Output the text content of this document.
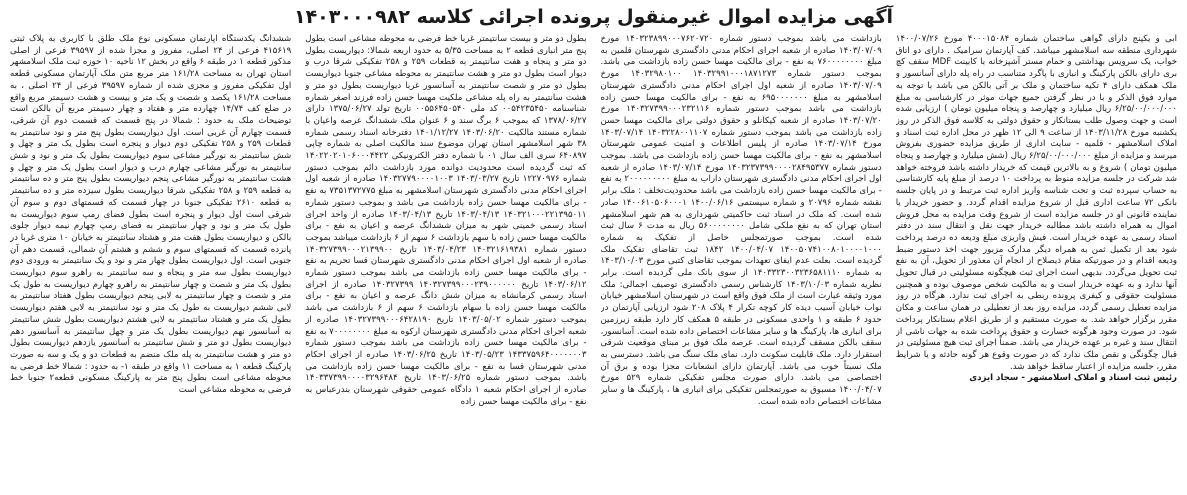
آگهی مزایده اموال غیرمنقول پرونده اجرائی کلاسه ۱۴۰۳۰۰۰۹۸۲

ششدانگ یکدستگاه آپارتمان مسکونی نوع ملک طلق با کاربری به پلاک ثبتی ۴۱۵۶۱۹ فرعی از ۲۴ اصلی، مفروز و مجزا شده از ۳۹۵۹۷ فرعی از اصلی مذکور قطعه ۱ در طبقه ۶ واقع در بخش ۱۲ ناحیه ۱۰ حوزه ثبت ملک اسلامشهر استان تهران به مساحت ۱۶۱/۲۸ متر مربع متن ملک آپارتمان مسکونی قطعه اول تفکیکی مفروز و مجزی شده از شماره ۳۹۵۹۷ فرعی از ۲۴ اصلی ، به مساحت ۱۶۱/۲۸ یکصد و شصت و یک متر و بیست و هشت دسیمتر مربع واقع در ضلع کف ۱۴/۷۴ چهارده متر و هفتاد و چهار دسیمتر مربع آن بالکن است توضیحات ملک به حدود : شمالا در پنج قسمت که قسمت دوم آن شرقی، قسمت چهارم آن غربی است. اول دیواریست بطول پنج متر و نود سانتیمتر به قطعات ۲۵۹ و ۲۵۸ تفکیکی دوم دیوار و پنجره است بطول یک متر و چهل و شش سانتیمتر به نورگیر مشاعی سوم دیواریست بطول یک متر و نود و شش سانتیمتر به نورگیر مشاعی چهارم درب و دیوار است بطول یک متر و چهل و هشت سانتیمتر به نورگیر مشاعی پنجم دیواریست بطول پنج متر و ده سانتیمتر به قطعه ۲۵۹ و ۲۵۸ تفکیکی شرقا دیواریست بطول سیزده متر و ده سانتیمتر به قطعه ۲۶۱۰ تفکیکی جنوبا در چهار قسمت که قسمتهای دوم و سوم آن شرقی است اول دیوار و پنجره است بطول فضای رمپ سوم دیواریست به طول یک متر و نود و چهار سانتیمتر به فضای رمپ چهارم نیمه دیوار جلوی بالکن و دیواریست بطول هفت متر و هشتاد سانتیمتر به خیابان ۱۰ متری غربا در پانزده قسمت که قسمتهای سوم و ششم و هشتم آن شمالی، قسمت دهم آن جنوبی است. اول دیواریست بطول چهار متر و نود و یک سانتیمتر به ورودی دوم دیواریست بطول سه متر و پنجاه و سه سانتیمتر به راهرو سوم دیواریست بطول یک متر و شصت و چهار سانتیمتر به راهرو چهارم دیواریست به طول یک متر و شصت و چهار سانتیمتر به لابی پنجم دیواریست بطول هفتاد سانتیمتر به لابی ششم دیواریست به طول یک متر و نود سانتیمتر به لابی هفتم دیواریست بطول یک متر و هشتاد سانتیمتر به لابی هشتم دیواریست بطول شش سانتیمتر به آسانسور نهم دیواریست بطول یک متر و چهل سانتیمتر به آسانسور دهم دیواریست بطول دو متر و شش سانتیمتر به آسانسور یازدهم دیواریست بطول دو متر و هشت سانتیمتر به پله ملک منضم به قطعات دو و یک و سه به صورت پارکینگ قطعه ۱ به مساحت ۱۱ واقع در طبقه ۱- به حدود : شمالا خط فرضی به محوطه مشاعی است بطول پنج متر به پارکینگ مسکونی قطعه۲ جنوبا خط فرضی به محوطه مشاعی است

بطول دو متر و بیست سانتیمتر غربا خط فرضی به محوطه مشاعی است بطول پنج متر انباری قطعه ۲ به مساحت ۵/۳۵ به حدود اربعه شمالا: دیواریست بطول دو متر و پنجاه و هفت سانتیمتر به قطعات ۲۵۹ و ۲۵۸ تفکیکی شرقا درب و دیوار است بطول دو متر و هشت سانتیمتر به محوطه مشاعی جنوبا دیواریست بطول دو متر و شصت سانتیمتر به آسانسور غربا دیواریست بطول دو متر و هشت سانتیمتر به راه پله مشاعی ملکیت مهسا حسن زاده فرزند اصغر شماره شناسنامه ۰۰۵۴۲۳۵۴۵۰ کد ملی ۰۰۵۵۶۴۵۰۵۴۰ تاریخ تولد ۱۳۷۵/۰۶/۲۷ دارای ۱۳۷۸/۰۶/۲۷ که بموجب ۶ برگ سند و ۶ عنوان ملک ششدانگ عرصه واعیان با شماره مستند مالکیت ۱۴۰۳/۰۶/۲۰ ۱۴۰۱/۱۲/۲۷ دفترخانه اسناد رسمی شماره ۳۸ شهر اسلامشهر استان تهران موضوع سند مالکیت اصلی به شماره چاپی ۶۴۰۸۹۷ سری الف سال ۰۱ با شماره دفتر الکترونیکی ۱۴۰۲۲۰۲۰۱۰۶۰۰۰۴۴۲۲ که ثبت گردیده است محدودیت دوانده مورد بازداشت دائم بموجب دستور شماره ۱۲۲۷۰۹۷۶ تاریخ ۱۴۰۳/۰۳/۲۷ ۱۴۰۳۲۷۷۹۰۰۰۰۱۰۰۳ صادره از شعبه اول اجرای احکام مدنی دادگستری شهرستان اسلامشهر به مبلغ ۷۳۵۱۳۷۲۷۷۵ به نفع - برای مالکیت مهسا حسن زاده بازداشت می باشد و بموجب دستور شماره ۱۴۰۳۲۱۰۰۰۲۲۱۳۹۵۰۱۱ ۱۴۰۳/۰۴/۱۳ تاریخ ۱۴۰۳/۰۴/۱۳ صادره از واحد اجرای اسناد رسمی خمینی شهر به میزان ششدانگ عرصه و اعیان به نفع - برای مالکیت مهسا حسن زاده با سهم بازداشت ۶ سهم از ۶ بازداشت میباشد بموجب دستور شماره ۱۴۰۳۲۱۶۱۹۳۸۱ ۱۴۰۳/۰۴/۲۳ تاریخ ۱۴۰۳۲۷۳۹۹۰۰۰۲۱۳۹۹۰۰ صادره از شعبه اول اجرای احکام مدنی دادگستری شهرستان قسا تحریم به نفع - برای مالکیت مهسا حسن زاده بازداشت می باشد بموجب دستور شماره ۱۴۰۳/۰۶/۱۲ تاریخ ۱۴۰۳۲۷۳۹۹۰۰۰۲۳۹۰۰۰۰۰۰ ۱۴۰۳۲۷۳۹۹ صادره از اجرای اسناد رسمی کرمانشاه به میزان شش دانگ عرصه و اعیان به نفع - برای مالکیت مهسا حسن زاده با سهام بازداشت ۶ سهم از ۶ بازداشت می باشد بموجب دستور شماره ۱۴۰۳/۰۵/۰۲ تاریخ ۱۴۰۳۲۷۳۹۹۰۰۰۶۴۲۸۱۹۰ صادره از شعبه اجرای احکام مدنی دادگستری شهرستان ارکوه به مبلغ ۷۰۰۰۰۰۰۰۰ به نفع - برای مالکیت مهسا حسن زاده بازداشت می باشد بموجب دستور شماره ۱۴۳۳۷۵۹۶۴۰۰۰۰۰۰۰۳ ۱۴۰۳/۰۵/۲۳ تاریخ ۱۴۰۳/۰۶/۲۵ صادره از اجرای احکام مدنی شهرستان قسا به نفع - برای مالکیت مهسا حسن زاده بازداشت می باشد. بموجب دستور شماره ۱۴۰۳/۰۶/۲۵ تاریخ ۱۴۰۳۳۷۳۹۹۰۰۰۰۳۲۹۶۴۸۴ صادره از اجرای احکام شعبه ۱ دادگاه عمومی حقوقی شهرستان بندرعباس به نفع - برای مالکیت مهسا حسن زاده

بازداشت می باشد بموجب دستور شماره ۱۴۰۳۲۳۸۹۹۰۰۰۷۶۲۰۷۲۰ مورخ ۱۴۰۳/۰۷/۰۹ صادره از شعبه اجرای احکام مدنی دادگستری شهرستان قلمین به مبلغ ۷۶۰۰۰۰۰۰۰۰ به نفع - برای مالکیت مهسا حسن زاده بازداشت می باشد. بموجب دستور شماره ۱۴۰۳۲۹۹۱۰۰۰۱۸۷۱۲۷۳ ۱۴۰۳۲۹۸۰۱۰۰ مورخ ۱۴۰۳/۰۷/۰۹ صادره از شعبه اول اجرای احکام مدنی دادگستری شهرستان اسلامشهر به مبلغ ۶۹۵۰۰۰۰۰۰۰ به نفع - برای مالکیت مهسا حسن زاده بازداشت می باشد بموجب دستور شماره ۱۴۰۳۲۷۳۹۹۰۰۰۲۳۲۱۱۶ مورخ ۱۴۰۳/۰۷/۲۰ صادره از شعبه کیکانلو و حقوق دولتی برای مالکیت مهسا حسن زاده بازداشت می باشد بموجب دستور شماره ۱۴۰۳۲۲۸۰۰۱۱۰۷ ۱۴۰۳/۰۷/۱۴ مورخ ۱۴۰۳/۰۷/۱۴ صادره از پلیس اطلاعات و امنیت عمومی شهرستان اسلامشهر به نفع - برای مالکیت مهسا حسن زاده بازداشت می باشد. بموجب دستور شماره ۱۴۰۳۲۳۷۳۹۹۰۰۰۰۲۸۴۹۵۳۷۷ مورخ ۱۴۰۳/۰۷/۱۴ صادره از شعبه اول اجرای احکام مدنی دادگستری شهرستان داراب به مبلغ ۲۰۰۰۰۰۰۰۰۰ به نفع - برای مالکیت مهسا حسن زاده بازداشت می باشد محدودیت‌تخلف : ملک برابر نقشه شماره ۲۰۷۹۶ و شماره سیستمی ۱۴۰۰/۰۶/۱۶ ۱۴۰۰۶۱۰۵۰۶۰۰۰۱ صادر شده است. که ملک در اسناد ثبت حاکمیتی شهرداری به هم شهر اسلامشهر استان تهران که به نفع ملکی شامل ۵۶۰۰۰۰۰۰۰۰ ریال به مدت ۶ سال ثبت شده است. بموجب صورتمجلس حاصل از تفکیک به شماره ۱۴۰۰۵۰۷۴۱۰۰۸۰۱۰۰۰۰۱۰۰۰ ۱۴۰۰/۰۴/۰۷ ۱۸۴۲ ثبت تقاضای تفکیک ملک گردیده است. بعلت عدم ایفای تعهدات بموجب تقاضای کتبی مورخ ۱۴۰۳/۱۰/۰۳ به شماره ۱۴۰۳۳۲۳۰۰۳۲۳۶۵۸۱۱۱۰ از سوی بانک ملی گردیده است. برابر نظریه شماره ۱۴۰۳/۱۰/۰۳ کارشناس رسمی دادگستری توصیف اجمالی: ملک مورد وثیقه عبارت است از ملک فوق واقع است در شهرستان اسلامشهر خیابان نواب خیابان آسیب دیده کار کوچه تکرار ۴ پلاک ۲۰۸ شود ارزیابی آپارتمان در حدود ۶ طبقه و ۱ واحدی مسکونی در طبقه ۵ همکف کار دارد طبقه زیرزمین برای انباری ها، پارکینگ ها و سایر مشاعات اختصاص داده شده است. آسانسور، سقف بالکن مسقف گردیده است. عرصه ملک فوق بر مبنای موقعیت شرقی استقرار دارد. ملک قابلیت سکونت دارد. نمای ملک سنگ می باشد. دسترسی به ملک نسبتاً خوب می باشد. آپارتمان دارای انشعابات مجزا بوده و برق آن اختصاصی می باشد. دارای صورت مجلس تفکیکی شماره ۵۲۹ مورخ ۱۴۰۰/۰۴/۰۷ مسبوق به صورتمجلس تفکیکی برای انباری ها ، پارکینگ ها و سایر مشاعات اختصاص داده شده است.

آبی و یکپنج دارای گواهی ساختمان شماره ۴۰۰۰۱۵۰۸۴ مورخ ۱۴۰۰/۰۷/۲۶ شهرداری منطقه سه اسلامشهر میباشد. کف آپارتمان سرامیک . دارای دو اتاق خواب، یک سرویس بهداشتی و حمام مستر آشپزخانه با کابینت MDF سقف کچ بری دارای بالکن پارکینگ و انباری با پاگرد متناسب در راه پله دارای آسانسور و ملک همکف دارای ۴ تکیه ساختمان و ملک بر آتی بالکن می باشد با توجه به موارد فوق الذکر و با در نظر گرفتن جمیع جهات موثر در کارشناسی به مبلغ ۶/۲۵/۰۰/۰۰۰/۰۰۰ ریال میلیارد و چهارصد و پنجاه میلیون تومان ) ارزیابی شده است و جهت وصول طلب بستانکار و حقوق دولتی به کلاسه فوق الذکر در روز یکشنبه مورخ ۱۴۰۳/۱۱/۲۸ از ساعت ۹ الی ۱۲ ظهر در محل اداره ثبت اسناد و املاک اسلامشهر - قلمیه - سایت اداری از طریق مزایده حضوری بفروش میرسد و مزایده از مبلغ ۶/۲۵/۰۰/۰۰۰/۰۰۰ ریال (شش میلیارد و چهارصد و پنجاه میلیون تومان ) شروع و به بالاترین قیمت که خریدار داشته باشد فروخته خواهد شد شرکت در جلسه مزایده منوط به پرداخت ۱۰ درصد از مبلغ پایه کارشناسی به حساب سپرده ثبت و تحت شناسه واریز اداره ثبت مرتبط و در پایان جلسه بانکی ۷۲ ساعت اداری قبل از شروع مزایده اقدام گردد. و حضور خریدار یا نماینده قانونی او در جلسه مزایده است از شروع وقت مزایده به محل فروش اموال به همراه داشته باشد مطالبه خریدار جهت نقل و انتقال سند در دفتر اسناد رسمی به عهده خریدار است. فیش واریزی مبلغ ودیعه ده درصد پرداخت شود بعد از تکمیل ثمن به همراه دیگر مدارک مزبور جهت اخذ دستور ضبط ودیعه اقدام و در صورتیکه مقام ذیصلاح از انجام آن معذور از تحویل، آن به نفع ثبت تحویل می‌گردد. بدیهی است اجرای ثبت هیچگونه مسئولیتی در قبال تحویل آنها ندارد و به عهده خریدار است و به مالکیت شخص موصوف بوده و همچنین مسئولیت حقوقی و کیفری پرونده ربطی به اجرای ثبت ندارد. هرگاه در روز مزایده تعطیل رسمی گردد، مزایده روز بعد از تعطیلی در همان ساعت و مکان مقرر برگزار خواهد شد. به صورت مستقیم و از طریق اعلام بستانکار پرداخت شود. در صورت وجود هرگونه خسارت و حقوق پرداخت شده به جهات ناشی از انتقال سند و غیره بر عهده خریدار می باشد. ضمناً اجرای ثبت هیچ مسئولیتی در قبال چگونگی و نقص ملک ندارد که در صورت وقوع هر گونه حادثه و یا شرایط مقرر، جلسه مزایده از اعتبار ساقط خواهد شد.

رئیس ثبت اسناد و املاک اسلامشهر - سجاد ایزدی
